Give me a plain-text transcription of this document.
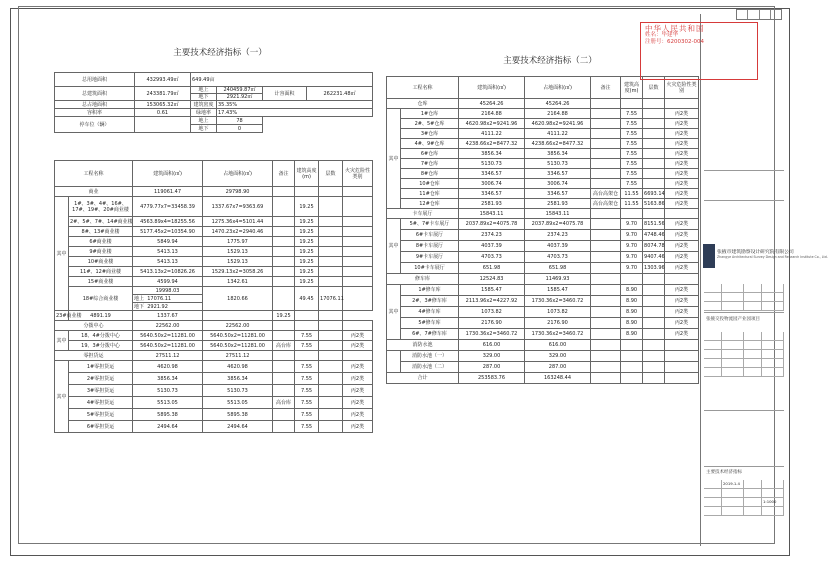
主要技术经济指标（一）
总用地面积	432993.49㎡	649.49亩			
总建筑面积	243381.79㎡	地上	240459.87㎡	计容面积	262231.48㎡
		地下	2921.92㎡		
总占地面积	153065.32㎡	建筑密度	35.35%		
容积率	0.61	绿地率	17.43%		
停车位（辆）		地上	78		
		地下	0		
工程名称		建筑面积(㎡)	占地面积(㎡)	备注	建筑高度(m)	层数	火灾危险性类别
商业		119061.47	29798.90				
其中	1#、3#、4#、16#、17#、19#、20#商业楼	4779.77x7=33458.39	1337.67x7=9363.69		19.25		
	2#、5#、7#、14#商业楼	4563.89x4=18255.56	1275.36x4=5101.44		19.25		
	8#、13#商业楼	5177.45x2=10354.90	1470.23x2=2940.46		19.25		
	6#商业楼	5849.94	1775.97		19.25		
	9#商业楼	5413.13	1529.13		19.25		
	10#商业楼	5413.13	1529.13		19.25		
	11#、12#商业楼	5413.13x2=10826.26	1529.13x2=3058.26		19.25		
	15#商业楼	4599.94	1342.61		19.25		
	18#综合商业楼	19998.03	1820.66		49.45	17076.11	
		地上 17076.11					
		地下 2921.92					
23#商业楼	4891.19	1337.67		19.25			
分拨中心		22562.00	22562.00				
其中	18、4#分拨中心	5640.50x2=11281.00	5640.50x2=11281.00		7.55		丙2类
	19、3#分拨中心	5640.50x2=11281.00	5640.50x2=11281.00	高台库	7.55		丙2类
零担货运		27511.12	27511.12				
其中	1#零担货运	4620.98	4620.98		7.55		丙2类
	2#零担货运	3856.34	3856.34		7.55		丙2类
	3#零担货运	5130.73	5130.73		7.55		丙2类
	4#零担货运	5513.05	5513.05	高台库	7.55		丙2类
	5#零担货运	5895.38	5895.38		7.55		丙2类
	6#零担货运	2494.64	2494.64		7.55		丙2类
主要技术经济指标（二）
工程名称		建筑面积(㎡)	占地面积(㎡)	备注	建筑高度(m)	层数	火灾危险性类别
仓库		45264.26	45264.26				
其中	1#仓库	2164.88	2164.88		7.55		丙2类
	2#、5#仓库	4620.98x2=9241.96	4620.98x2=9241.96		7.55		丙2类
	3#仓库	4111.22	4111.22		7.55		丙2类
	4#、9#仓库	4238.66x2=8477.32	4238.66x2=8477.32		7.55		丙2类
	6#仓库	3856.34	3856.34		7.55		丙2类
	7#仓库	5130.73	5130.73		7.55		丙2类
	8#仓库	3346.57	3346.57		7.55		丙2类
	10#仓库	3006.74	3006.74		7.55		丙2类
	11#仓库	3346.57	3346.57	高台高架仓	11.55	6693.14	丙2类
	12#仓库	2581.93	2581.93	高台高架仓	11.55	5163.86	丙2类
卡车展厅		15843.11	15843.11				
其中	5#、7#卡车展厅	2037.89x2=4075.78	2037.89x2=4075.78		9.70	8151.56	丙2类
	6#卡车展厅	2374.23	2374.23		9.70	4748.46	丙2类
	8#卡车展厅	4037.39	4037.39		9.70	8074.78	丙2类
	9#卡车展厅	4703.73	4703.73		9.70	9407.46	丙2类
	10#卡车展厅	651.98	651.98		9.70	1303.96	丙2类
修车库		12524.83	11469.93				
其中	1#修车库	1585.47	1585.47		8.90		丙2类
	2#、3#修车库	2113.96x2=4227.92	1730.36x2=3460.72		8.90		丙2类
	4#修车库	1073.82	1073.82		8.90		丙2类
	5#修车库	2176.90	2176.90		8.90		丙2类
	6#、7#修车库	1730.36x2=3460.72	1730.36x2=3460.72		8.90		丙2类
消防水池		616.00	616.00				
	消防水池（一）	329.00	329.00				
	消防水池（二）	287.00	287.00				
合计		253583.76	163248.44				
中华人民共和国
姓名：毕建华
注册号：6200302-004
张掖市建筑勘察设计研究院有限公司
Zhangye Architectural Survey Design and Research Institute Co., Ltd.
张掖交投物流园产业园项目
主要技术经济指标
2019.1.4
1:1000
